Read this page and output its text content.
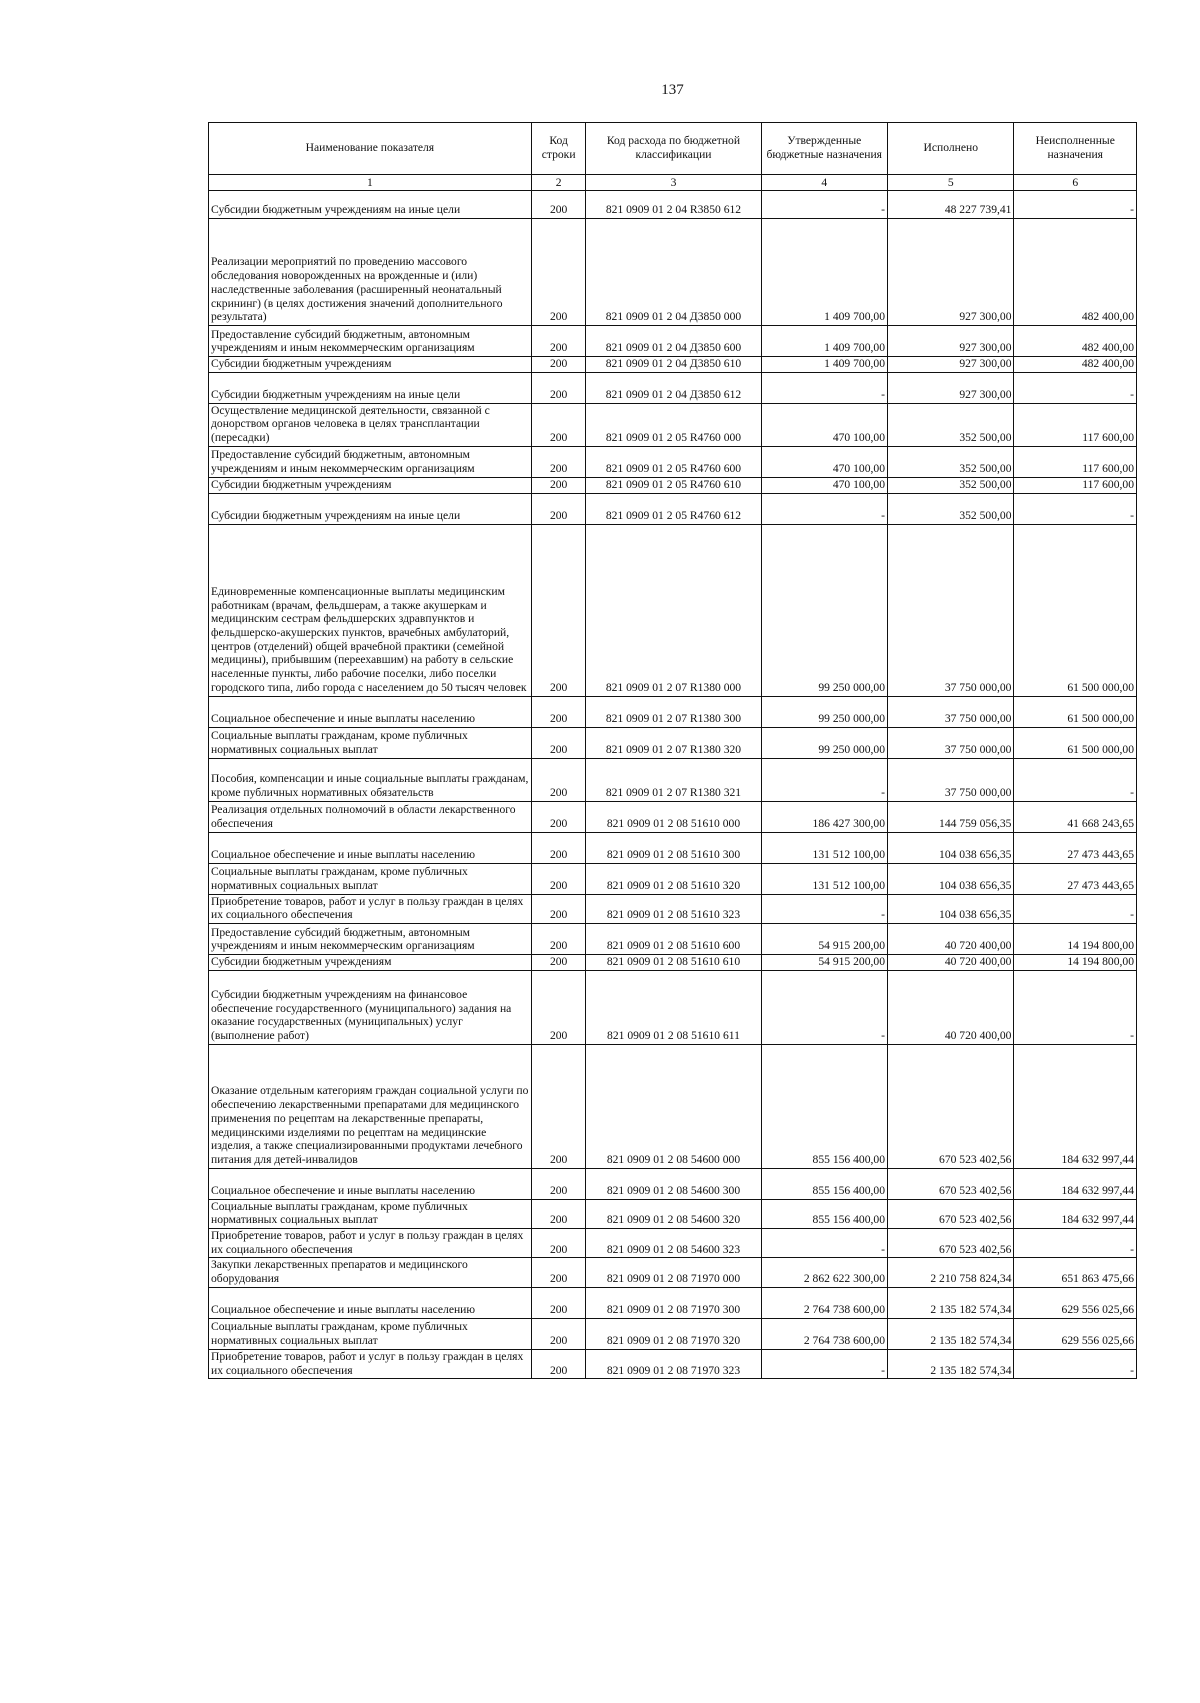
137
Наименование показателя	Код строки	Код расхода по бюджетной классификации	Утвержденные бюджетные назначения	Исполнено	Неисполненные назначения
1	2	3	4	5	6
Субсидии бюджетным учреждениям на иные цели	200	821 0909 01 2 04 R3850 612	-	48 227 739,41	-
Реализации мероприятий по проведению массового обследования новорожденных на врожденные и (или) наследственные заболевания (расширенный неонатальный скрининг) (в целях достижения значений дополнительного результата)	200	821 0909 01 2 04 Д3850 000	1 409 700,00	927 300,00	482 400,00
Предоставление субсидий бюджетным, автономным учреждениям и иным некоммерческим организациям	200	821 0909 01 2 04 Д3850 600	1 409 700,00	927 300,00	482 400,00
Субсидии бюджетным учреждениям	200	821 0909 01 2 04 Д3850 610	1 409 700,00	927 300,00	482 400,00
Субсидии бюджетным учреждениям на иные цели	200	821 0909 01 2 04 Д3850 612	-	927 300,00	-
Осуществление медицинской деятельности, связанной с донорством органов человека в целях трансплантации (пересадки)	200	821 0909 01 2 05 R4760 000	470 100,00	352 500,00	117 600,00
Предоставление субсидий бюджетным, автономным учреждениям и иным некоммерческим организациям	200	821 0909 01 2 05 R4760 600	470 100,00	352 500,00	117 600,00
Субсидии бюджетным учреждениям	200	821 0909 01 2 05 R4760 610	470 100,00	352 500,00	117 600,00
Субсидии бюджетным учреждениям на иные цели	200	821 0909 01 2 05 R4760 612	-	352 500,00	-
Единовременные компенсационные выплаты медицинским работникам (врачам, фельдшерам, а также акушеркам и медицинским сестрам фельдшерских здравпунктов и фельдшерско-акушерских пунктов, врачебных амбулаторий, центров (отделений) общей врачебной практики (семейной медицины), прибывшим (переехавшим) на работу в сельские населенные пункты, либо рабочие поселки, либо поселки городского типа, либо города с населением до 50 тысяч человек	200	821 0909 01 2 07 R1380 000	99 250 000,00	37 750 000,00	61 500 000,00
Социальное обеспечение и иные выплаты населению	200	821 0909 01 2 07 R1380 300	99 250 000,00	37 750 000,00	61 500 000,00
Социальные выплаты гражданам, кроме публичных нормативных социальных выплат	200	821 0909 01 2 07 R1380 320	99 250 000,00	37 750 000,00	61 500 000,00
Пособия, компенсации и иные социальные выплаты гражданам, кроме публичных нормативных обязательств	200	821 0909 01 2 07 R1380 321	-	37 750 000,00	-
Реализация отдельных полномочий в области лекарственного обеспечения	200	821 0909 01 2 08 51610 000	186 427 300,00	144 759 056,35	41 668 243,65
Социальное обеспечение и иные выплаты населению	200	821 0909 01 2 08 51610 300	131 512 100,00	104 038 656,35	27 473 443,65
Социальные выплаты гражданам, кроме публичных нормативных социальных выплат	200	821 0909 01 2 08 51610 320	131 512 100,00	104 038 656,35	27 473 443,65
Приобретение товаров, работ и услуг в пользу граждан в целях их социального обеспечения	200	821 0909 01 2 08 51610 323	-	104 038 656,35	-
Предоставление субсидий бюджетным, автономным учреждениям и иным некоммерческим организациям	200	821 0909 01 2 08 51610 600	54 915 200,00	40 720 400,00	14 194 800,00
Субсидии бюджетным учреждениям	200	821 0909 01 2 08 51610 610	54 915 200,00	40 720 400,00	14 194 800,00
Субсидии бюджетным учреждениям на финансовое обеспечение государственного (муниципального) задания на оказание государственных (муниципальных) услуг (выполнение работ)	200	821 0909 01 2 08 51610 611	-	40 720 400,00	-
Оказание отдельным категориям граждан социальной услуги по обеспечению лекарственными препаратами для медицинского применения по рецептам на лекарственные препараты, медицинскими изделиями по рецептам на медицинские изделия, а также специализированными продуктами лечебного питания для детей-инвалидов	200	821 0909 01 2 08 54600 000	855 156 400,00	670 523 402,56	184 632 997,44
Социальное обеспечение и иные выплаты населению	200	821 0909 01 2 08 54600 300	855 156 400,00	670 523 402,56	184 632 997,44
Социальные выплаты гражданам, кроме публичных нормативных социальных выплат	200	821 0909 01 2 08 54600 320	855 156 400,00	670 523 402,56	184 632 997,44
Приобретение товаров, работ и услуг в пользу граждан в целях их социального обеспечения	200	821 0909 01 2 08 54600 323	-	670 523 402,56	-
Закупки лекарственных препаратов и медицинского оборудования	200	821 0909 01 2 08 71970 000	2 862 622 300,00	2 210 758 824,34	651 863 475,66
Социальное обеспечение и иные выплаты населению	200	821 0909 01 2 08 71970 300	2 764 738 600,00	2 135 182 574,34	629 556 025,66
Социальные выплаты гражданам, кроме публичных нормативных социальных выплат	200	821 0909 01 2 08 71970 320	2 764 738 600,00	2 135 182 574,34	629 556 025,66
Приобретение товаров, работ и услуг в пользу граждан в целях их социального обеспечения	200	821 0909 01 2 08 71970 323	-	2 135 182 574,34	-
